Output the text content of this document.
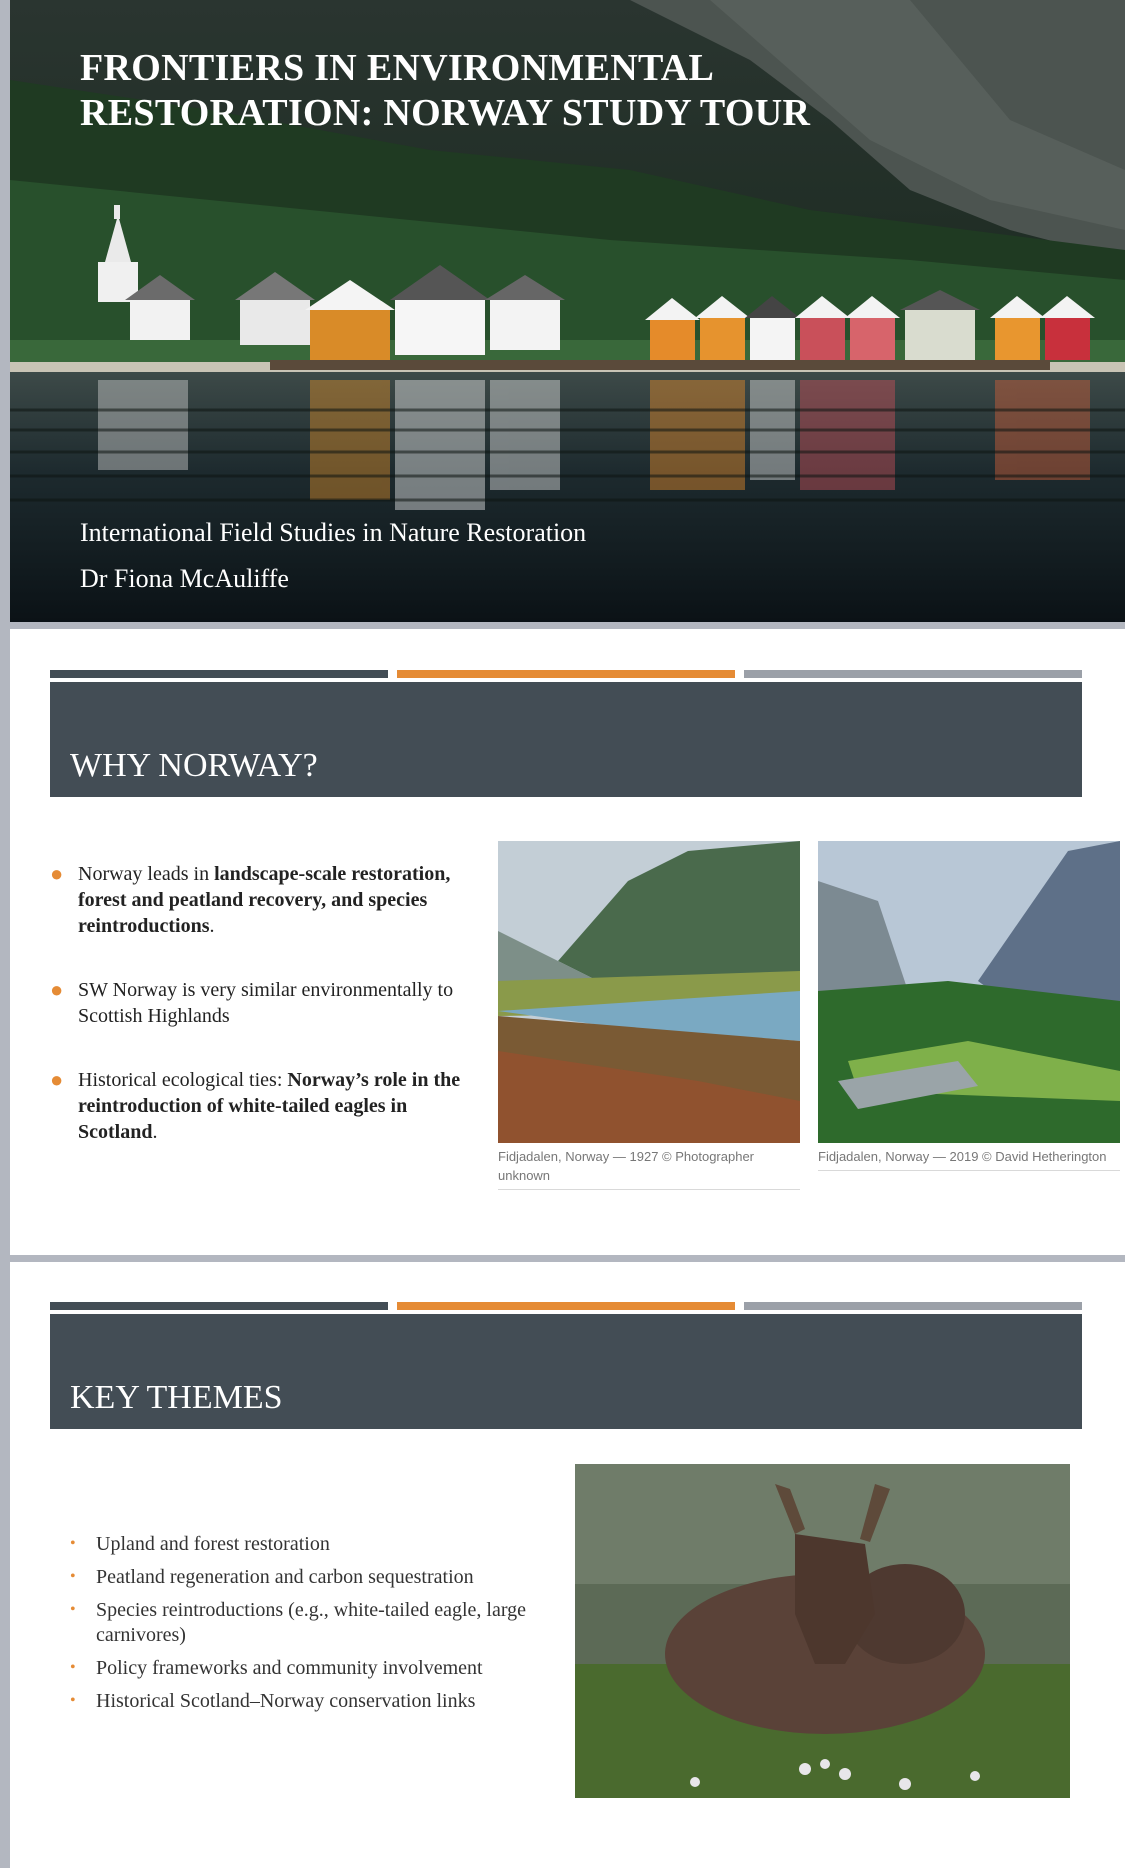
FRONTIERS IN ENVIRONMENTAL
RESTORATION: NORWAY STUDY TOUR

International Field Studies in Nature Restoration

Dr Fiona McAuliffe

WHY NORWAY?
● Norway leads in landscape-scale restoration, forest and peatland recovery, and species reintroductions.
● SW Norway is very similar environmentally to Scottish Highlands
● Historical ecological ties: Norway’s role in the reintroduction of white-tailed eagles in Scotland.
Fidjadalen, Norway — 1927 © Photographer unknown
Fidjadalen, Norway — 2019 © David Hetherington
KEY THEMES
• Upland and forest restoration
• Peatland regeneration and carbon sequestration
• Species reintroductions (e.g., white-tailed eagle, large carnivores)
• Policy frameworks and community involvement
• Historical Scotland–Norway conservation links
